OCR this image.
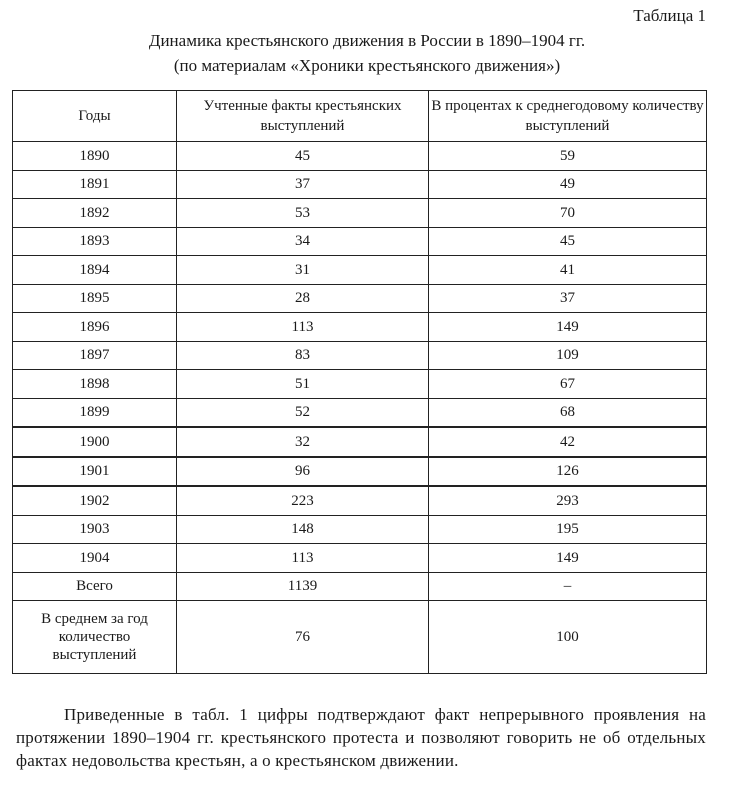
Таблица 1
Динамика крестьянского движения в России в 1890–1904 гг.
(по материалам «Хроники крестьянского движения»)
Годы	Учтенные факты крестьянских выступлений	В процентах к среднегодовому количеству выступлений
1890	45	59
1891	37	49
1892	53	70
1893	34	45
1894	31	41
1895	28	37
1896	113	149
1897	83	109
1898	51	67
1899	52	68
1900	32	42
1901	96	126
1902	223	293
1903	148	195
1904	113	149
Всего	1139	–
В среднем за год количество выступлений	76	100
Приведенные в табл. 1 цифры подтверждают факт непрерывного проявления на протяжении 1890–1904 гг. крестьянского протеста и позволяют говорить не об отдельных фактах недовольства крестьян, а о крестьянском движении.
